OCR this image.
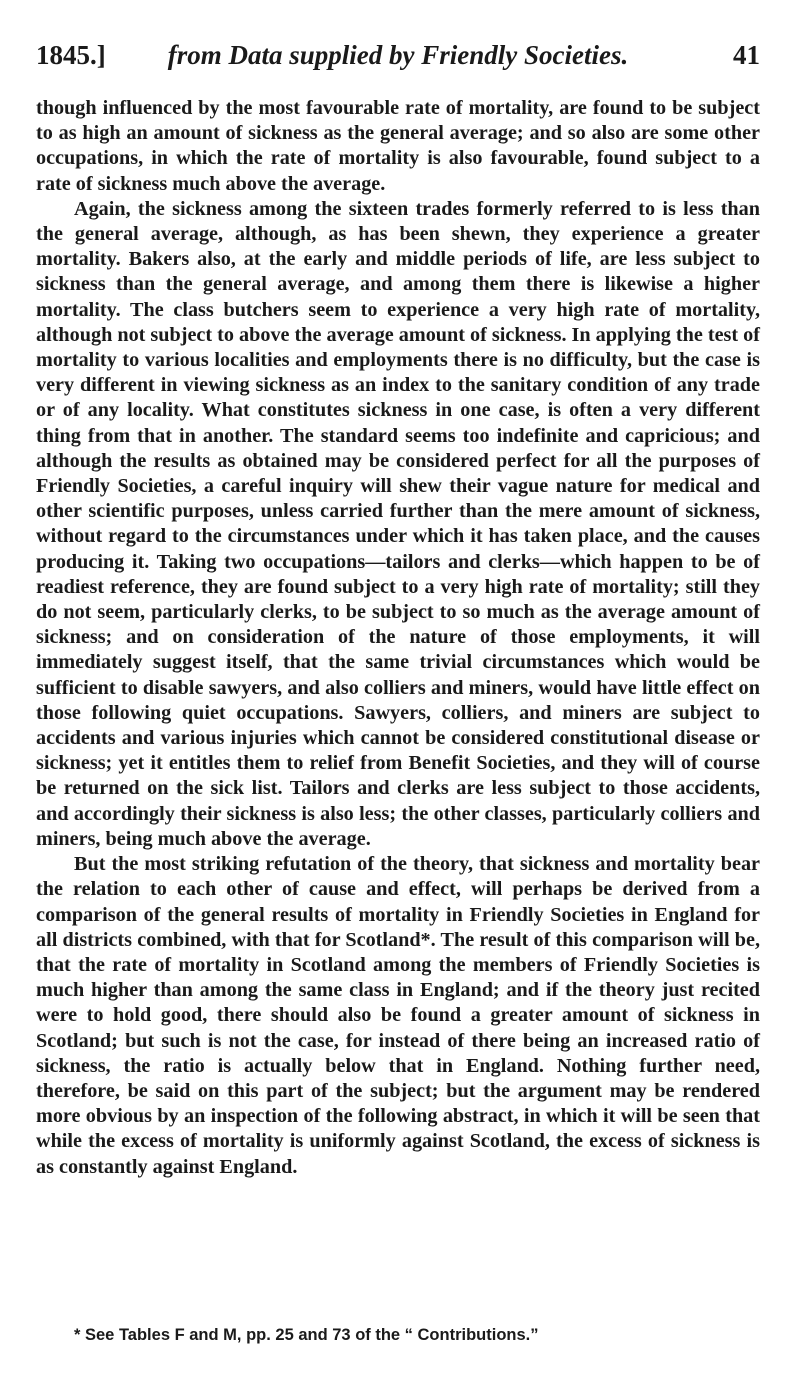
1845.]	from Data supplied by Friendly Societies.	41

though influenced by the most favourable rate of mortality, are found to be subject to as high an amount of sickness as the general average; and so also are some other occupations, in which the rate of mortality is also favourable, found subject to a rate of sickness much above the average.

Again, the sickness among the sixteen trades formerly referred to is less than the general average, although, as has been shewn, they experience a greater mortality. Bakers also, at the early and middle periods of life, are less subject to sickness than the general average, and among them there is likewise a higher mortality. The class butchers seem to experience a very high rate of mortality, although not subject to above the average amount of sickness. In applying the test of mortality to various localities and employments there is no difficulty, but the case is very different in viewing sickness as an index to the sanitary condition of any trade or of any locality. What constitutes sickness in one case, is often a very different thing from that in another. The standard seems too indefinite and capricious; and although the results as obtained may be considered perfect for all the purposes of Friendly Societies, a careful inquiry will shew their vague nature for medical and other scientific purposes, unless carried further than the mere amount of sickness, without regard to the circumstances under which it has taken place, and the causes producing it. Taking two occupations—tailors and clerks—which happen to be of readiest reference, they are found subject to a very high rate of mortality; still they do not seem, particularly clerks, to be subject to so much as the average amount of sickness; and on consideration of the nature of those employments, it will immediately suggest itself, that the same trivial circumstances which would be sufficient to disable sawyers, and also colliers and miners, would have little effect on those following quiet occupations. Sawyers, colliers, and miners are subject to accidents and various injuries which cannot be considered constitutional disease or sickness; yet it entitles them to relief from Benefit Societies, and they will of course be returned on the sick list. Tailors and clerks are less subject to those accidents, and accordingly their sickness is also less; the other classes, particularly colliers and miners, being much above the average.

But the most striking refutation of the theory, that sickness and mortality bear the relation to each other of cause and effect, will perhaps be derived from a comparison of the general results of mortality in Friendly Societies in England for all districts combined, with that for Scotland*. The result of this comparison will be, that the rate of mortality in Scotland among the members of Friendly Societies is much higher than among the same class in England; and if the theory just recited were to hold good, there should also be found a greater amount of sickness in Scotland; but such is not the case, for instead of there being an increased ratio of sickness, the ratio is actually below that in England. Nothing further need, therefore, be said on this part of the subject; but the argument may be rendered more obvious by an inspection of the following abstract, in which it will be seen that while the excess of mortality is uniformly against Scotland, the excess of sickness is as constantly against England.

* See Tables F and M, pp. 25 and 73 of the “ Contributions.”
